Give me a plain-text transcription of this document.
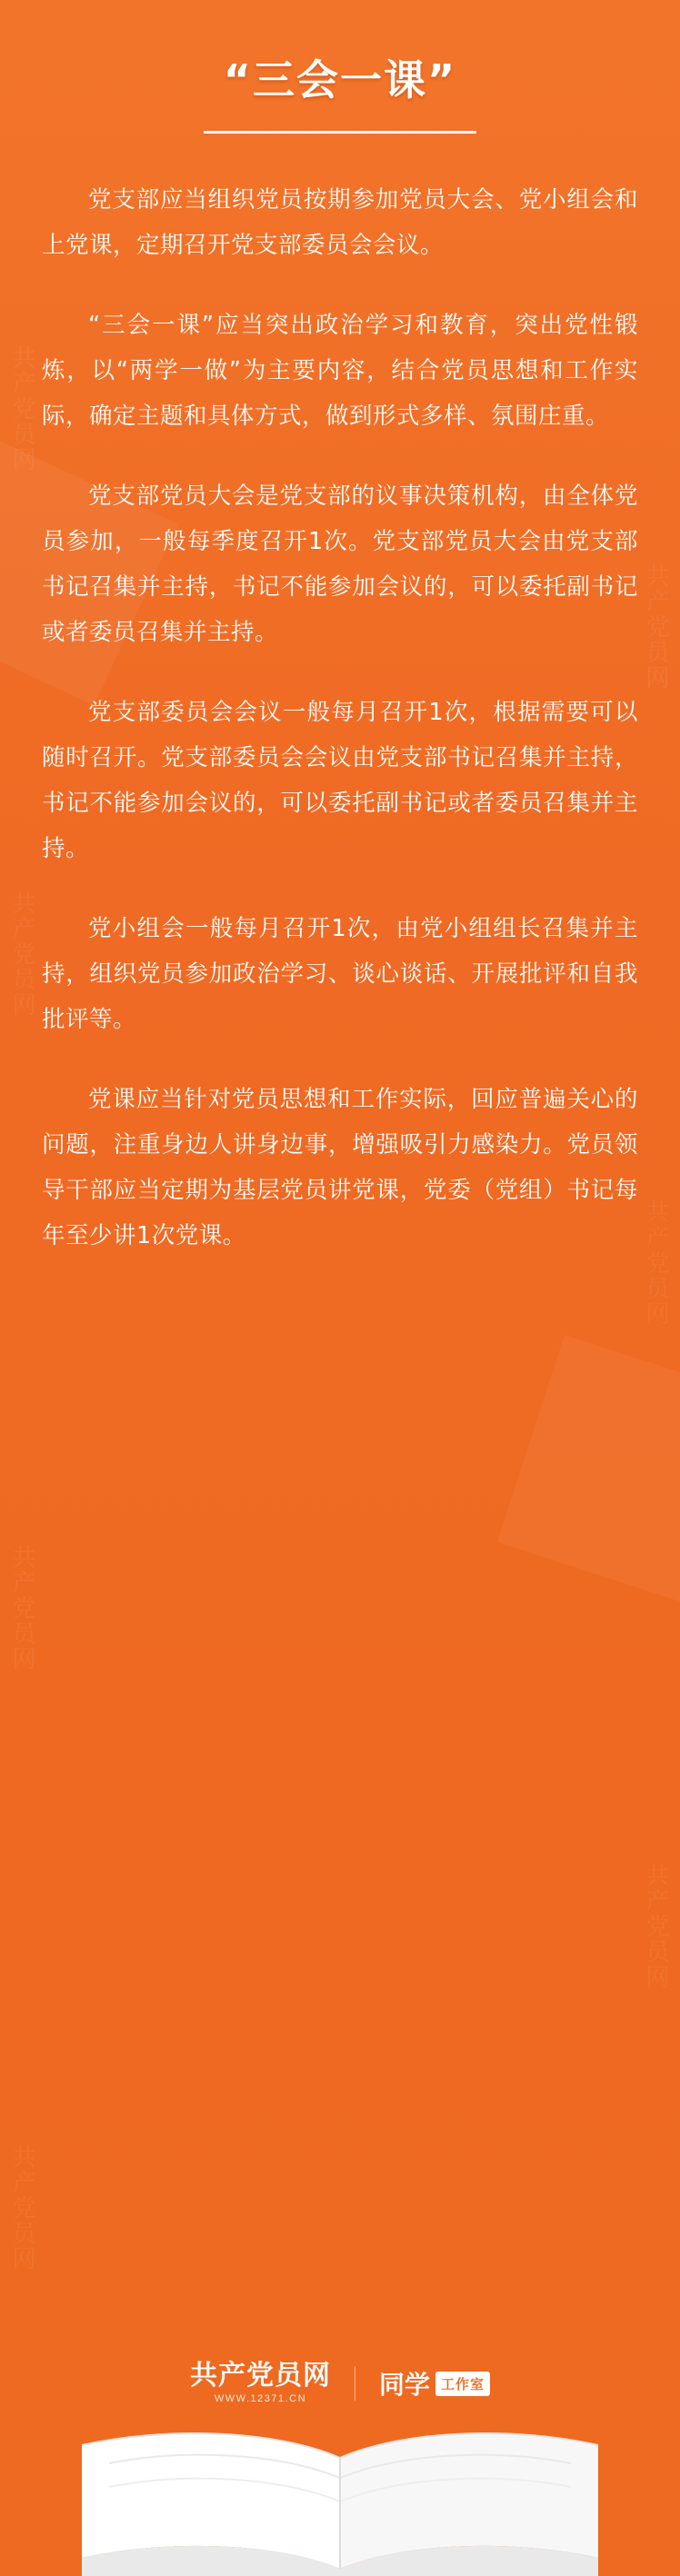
共产党员网
共产党员网
共产党员网
共产党员网
共产党员网
共产党员网
共产党员网
“三会一课”

党支部应当组织党员按期参加党员大会、党小组会和上党课，定期召开党支部委员会会议。

“三会一课”应当突出政治学习和教育，突出党性锻炼，以“两学一做”为主要内容，结合党员思想和工作实际，确定主题和具体方式，做到形式多样、氛围庄重。

党支部党员大会是党支部的议事决策机构，由全体党员参加，一般每季度召开1次。党支部党员大会由党支部书记召集并主持，书记不能参加会议的，可以委托副书记或者委员召集并主持。

党支部委员会会议一般每月召开1次，根据需要可以随时召开。党支部委员会会议由党支部书记召集并主持，书记不能参加会议的，可以委托副书记或者委员召集并主持。

党小组会一般每月召开1次，由党小组组长召集并主持，组织党员参加政治学习、谈心谈话、开展批评和自我批评等。

党课应当针对党员思想和工作实际，回应普遍关心的问题，注重身边人讲身边事，增强吸引力感染力。党员领导干部应当定期为基层党员讲党课，党委（党组）书记每年至少讲1次党课。

共产党员网
WWW.12371.CN	同学 工作室
